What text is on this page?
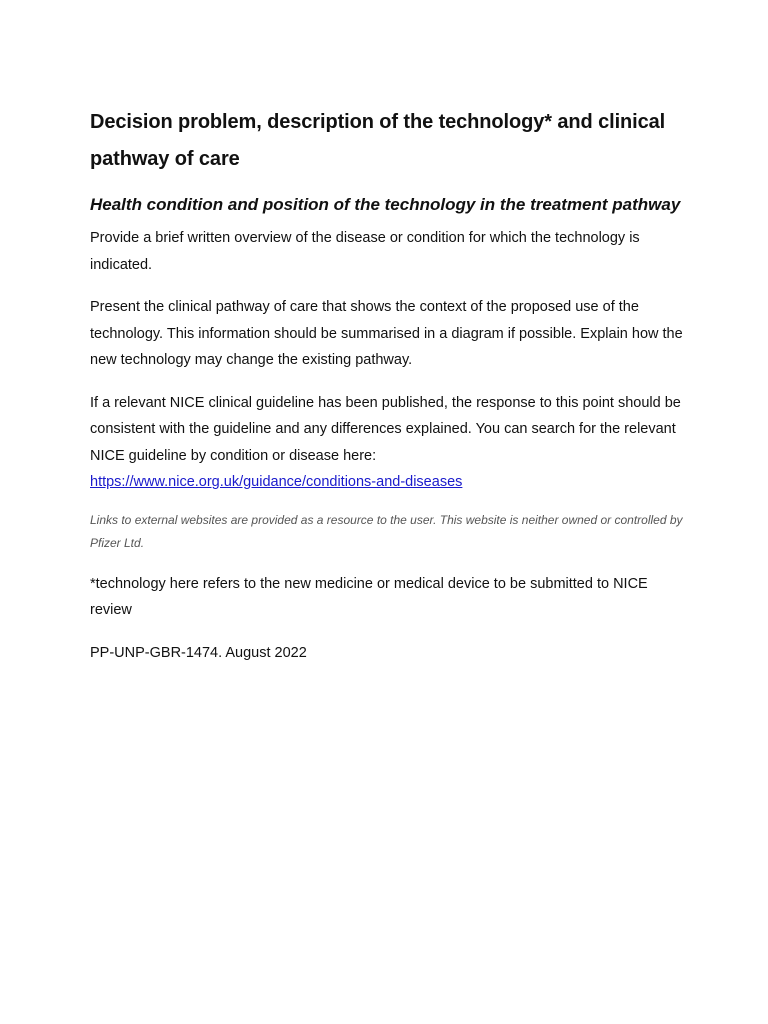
Decision problem, description of the technology* and clinical pathway of care
Health condition and position of the technology in the treatment pathway

Provide a brief written overview of the disease or condition for which the technology is indicated.

Present the clinical pathway of care that shows the context of the proposed use of the technology. This information should be summarised in a diagram if possible. Explain how the new technology may change the existing pathway.

If a relevant NICE clinical guideline has been published, the response to this point should be consistent with the guideline and any differences explained. You can search for the relevant NICE guideline by condition or disease here:
https://www.nice.org.uk/guidance/conditions-and-diseases

Links to external websites are provided as a resource to the user. This website is neither owned or controlled by Pfizer Ltd.

*technology here refers to the new medicine or medical device to be submitted to NICE review

PP-UNP-GBR-1474. August 2022
